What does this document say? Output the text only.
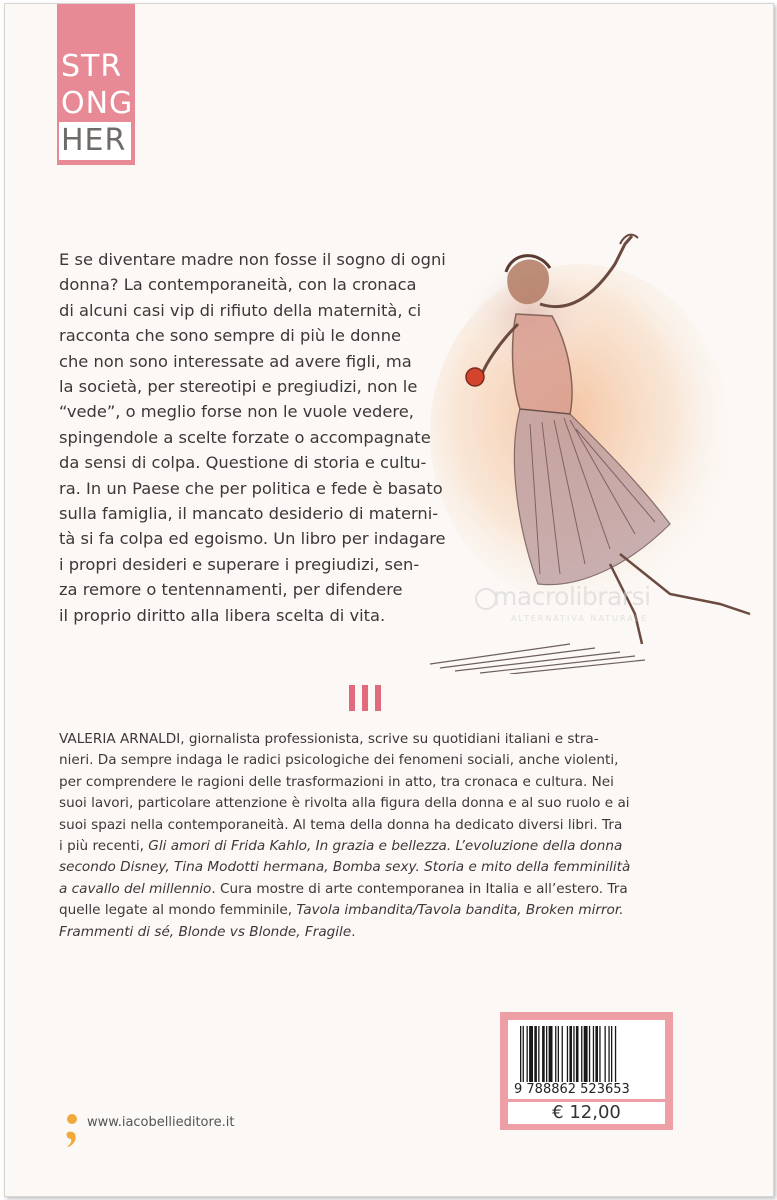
STR
ONG
HER
E se diventare madre non fosse il sogno di ogni
donna? La contemporaneità, con la cronaca
di alcuni casi vip di rifiuto della maternità, ci
racconta che sono sempre di più le donne
che non sono interessate ad avere figli, ma
la società, per stereotipi e pregiudizi, non le
“vede”, o meglio forse non le vuole vedere,
spingendole a scelte forzate o accompagnate
da sensi di colpa. Questione di storia e cultu-
ra. In un Paese che per politica e fede è basato
sulla famiglia, il mancato desiderio di materni-
tà si fa colpa ed egoismo. Un libro per indagare
i propri desideri e superare i pregiudizi, sen-
za remore o tentennamenti, per difendere
il proprio diritto alla libera scelta di vita.
macrolibrarsi
ALTERNATIVA NATURALE
VALERIA ARNALDI, giornalista professionista, scrive su quotidiani italiani e stra-
nieri. Da sempre indaga le radici psicologiche dei fenomeni sociali, anche violenti,
per comprendere le ragioni delle trasformazioni in atto, tra cronaca e cultura. Nei
suoi lavori, particolare attenzione è rivolta alla figura della donna e al suo ruolo e ai
suoi spazi nella contemporaneità. Al tema della donna ha dedicato diversi libri. Tra
i più recenti, Gli amori di Frida Kahlo, In grazia e bellezza. L’evoluzione della donna
secondo Disney, Tina Modotti hermana, Bomba sexy. Storia e mito della femminilità
a cavallo del millennio. Cura mostre di arte contemporanea in Italia e all’estero. Tra
quelle legate al mondo femminile, Tavola imbandita/Tavola bandita, Broken mirror.
Frammenti di sé, Blonde vs Blonde, Fragile.
9 788862 523653
€ 12,00
www.iacobellieditore.it
